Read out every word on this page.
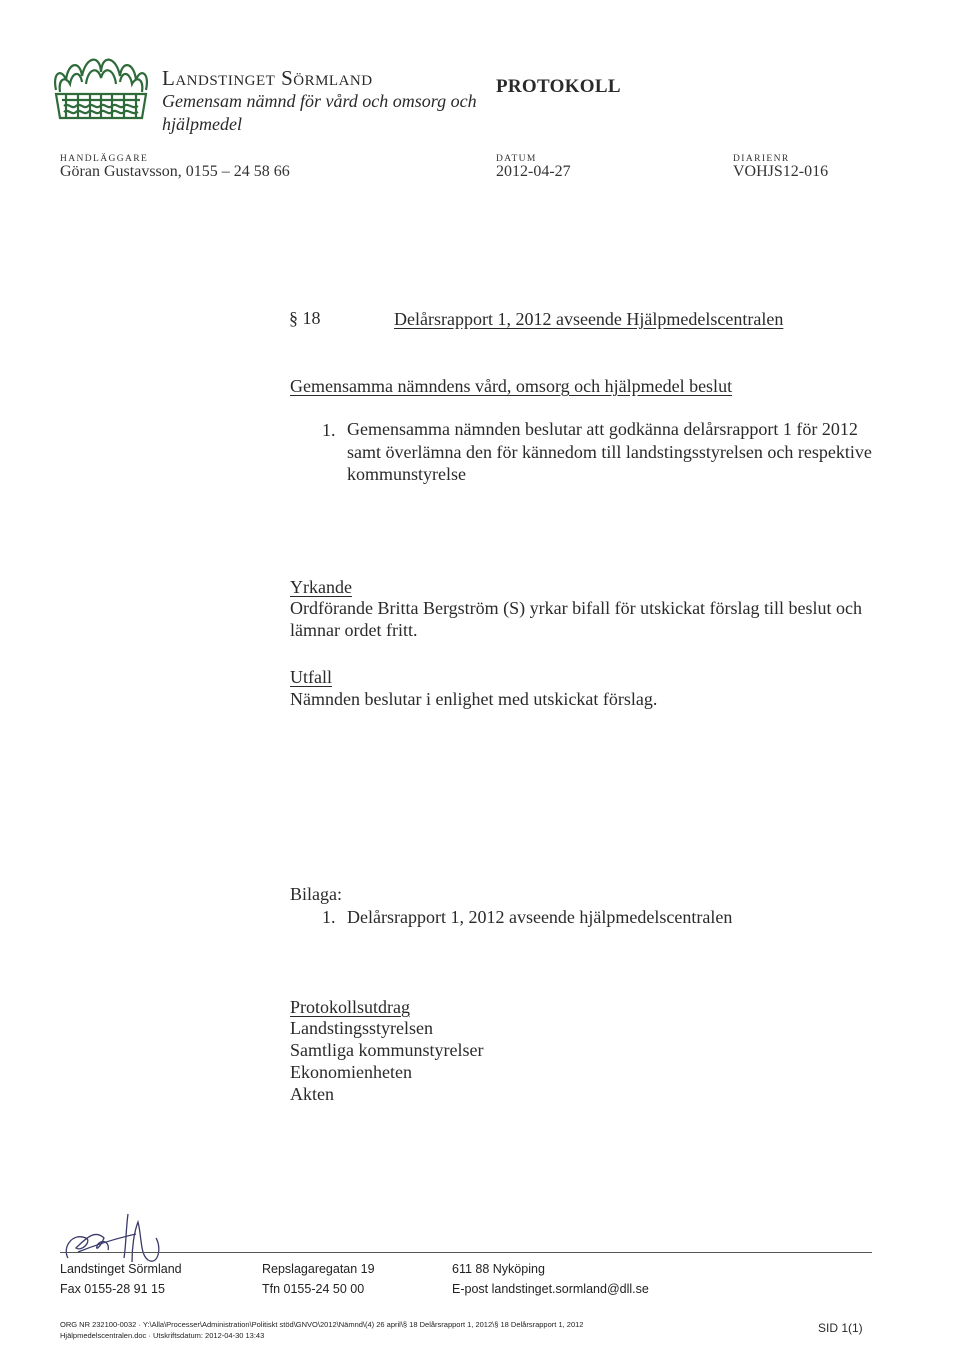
Landstinget Sörmland
Gemensam nämnd för vård och omsorg och hjälpmedel
PROTOKOLL
HANDLÄGGARE
Göran Gustavsson, 0155 – 24 58 66
DATUM
2012-04-27
DIARIENR
VOHJS12-016
§ 18	Delårsrapport 1, 2012 avseende Hjälpmedelscentralen
Gemensamma nämndens vård, omsorg och hjälpmedel beslut
1. Gemensamma nämnden beslutar att godkänna delårsrapport 1 för 2012 samt överlämna den för kännedom till landstingsstyrelsen och respektive kommunstyrelse
Yrkande
Ordförande Britta Bergström (S) yrkar bifall för utskickat förslag till beslut och lämnar ordet fritt.
Utfall
Nämnden beslutar i enlighet med utskickat förslag.
Bilaga:
1. Delårsrapport 1, 2012 avseende hjälpmedelscentralen
Protokollsutdrag
Landstingsstyrelsen
Samtliga kommunstyrelser
Ekonomienheten
Akten
Landstinget Sörmland
Fax 0155-28 91 15
Repslagaregatan 19
Tfn 0155-24 50 00
611 88 Nyköping
E-post landstinget.sormland@dll.se
ORG NR 232100-0032 · Y:\Alla\Processer\Administration\Politiskt stöd\GNVO\2012\Nämnd\(4) 26 april\§ 18 Delårsrapport 1, 2012\§ 18 Delårsrapport 1, 2012
Hjälpmedelscentralen.doc · Utskriftsdatum: 2012-04-30 13:43
SID 1(1)
